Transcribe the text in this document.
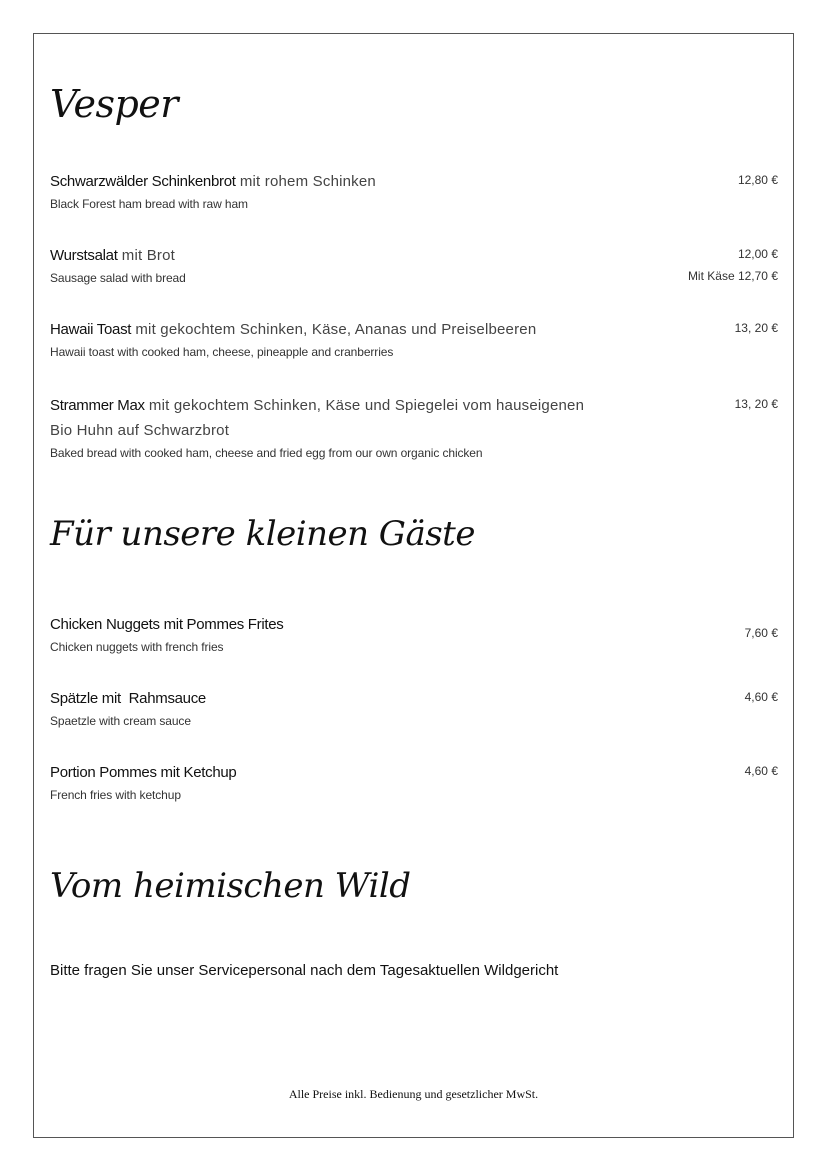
Vesper
Schwarzwälder Schinkenbrot mit rohem Schinken
Black Forest ham bread with raw ham
12,80 €
Wurstsalat mit Brot
Sausage salad with bread
12,00 €
Mit Käse 12,70 €
Hawaii Toast mit gekochtem Schinken, Käse, Ananas und Preiselbeeren
Hawaii toast with cooked ham, cheese, pineapple and cranberries
13, 20 €
Strammer Max mit gekochtem Schinken, Käse und Spiegelei vom hauseigenen Bio Huhn auf Schwarzbrot
Baked bread with cooked ham, cheese and fried egg from our own organic chicken
13, 20 €
Für unsere kleinen Gäste
Chicken Nuggets mit Pommes Frites
Chicken nuggets with french fries
7,60 €
Spätzle mit  Rahmsauce
Spaetzle with cream sauce
4,60 €
Portion Pommes mit Ketchup
French fries with ketchup
4,60 €
Vom heimischen Wild

Bitte fragen Sie unser Servicepersonal nach dem Tagesaktuellen Wildgericht

Alle Preise inkl. Bedienung und gesetzlicher MwSt.
